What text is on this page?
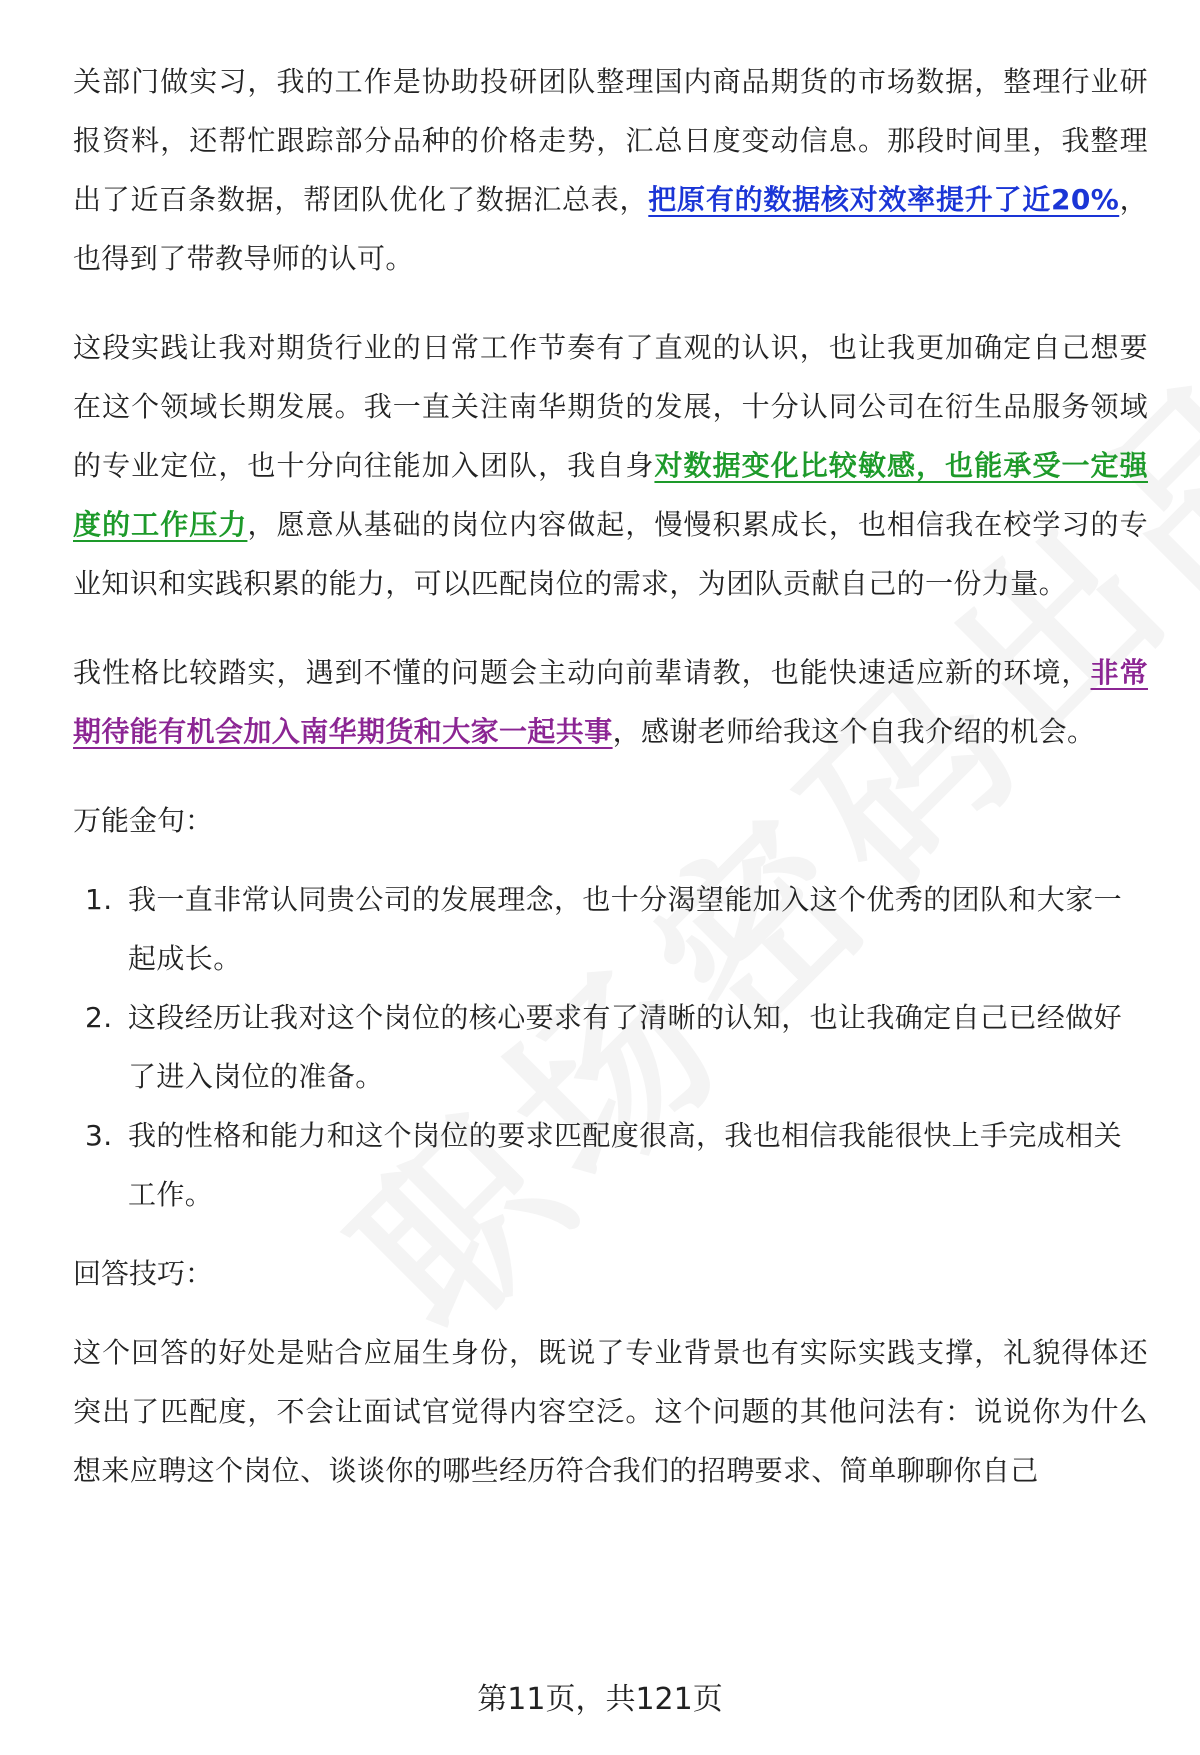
关部门做实习，我的工作是协助投研团队整理国内商品期货的市场数据，整理行业研报资料，还帮忙跟踪部分品种的价格走势，汇总日度变动信息。那段时间里，我整理出了近百条数据，帮团队优化了数据汇总表，把原有的数据核对效率提升了近20%，也得到了带教导师的认可。

这段实践让我对期货行业的日常工作节奏有了直观的认识，也让我更加确定自己想要在这个领域长期发展。我一直关注南华期货的发展，十分认同公司在衍生品服务领域的专业定位，也十分向往能加入团队，我自身对数据变化比较敏感，也能承受一定强度的工作压力，愿意从基础的岗位内容做起，慢慢积累成长，也相信我在校学习的专业知识和实践积累的能力，可以匹配岗位的需求，为团队贡献自己的一份力量。

我性格比较踏实，遇到不懂的问题会主动向前辈请教，也能快速适应新的环境，非常期待能有机会加入南华期货和大家一起共事，感谢老师给我这个自我介绍的机会。

万能金句：

1. 我一直非常认同贵公司的发展理念，也十分渴望能加入这个优秀的团队和大家一起成长。
2. 这段经历让我对这个岗位的核心要求有了清晰的认知，也让我确定自己已经做好了进入岗位的准备。
3. 我的性格和能力和这个岗位的要求匹配度很高，我也相信我能很快上手完成相关工作。

回答技巧：

这个回答的好处是贴合应届生身份，既说了专业背景也有实际实践支撑，礼貌得体还突出了匹配度，不会让面试官觉得内容空泛。这个问题的其他问法有：说说你为什么想来应聘这个岗位、谈谈你的哪些经历符合我们的招聘要求、简单聊聊你自己

第11页，共121页
